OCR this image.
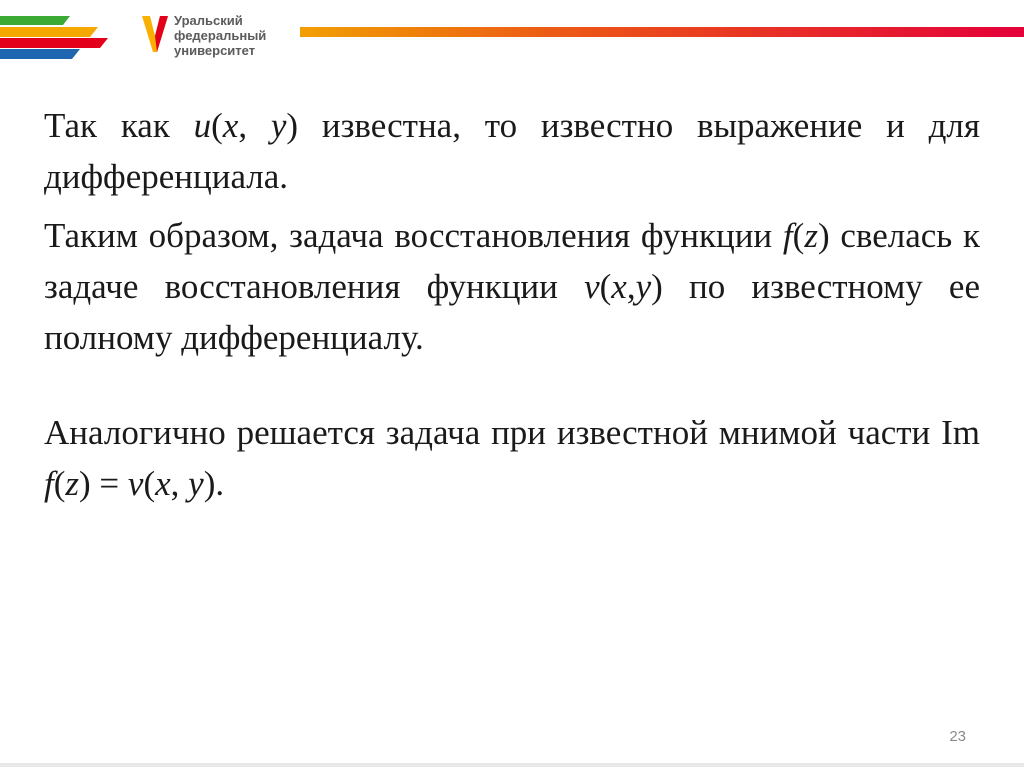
Уральский
федеральный
университет

Так как u(x, y) известна, то известно выражение и для дифференциала.

Таким образом, задача восстановления функции f(z) свелась к задаче восстановления функции v(x,y) по известному ее полному дифференциалу.

Аналогично решается задача при известной мнимой части Im f(z) = v(x, y).

23
